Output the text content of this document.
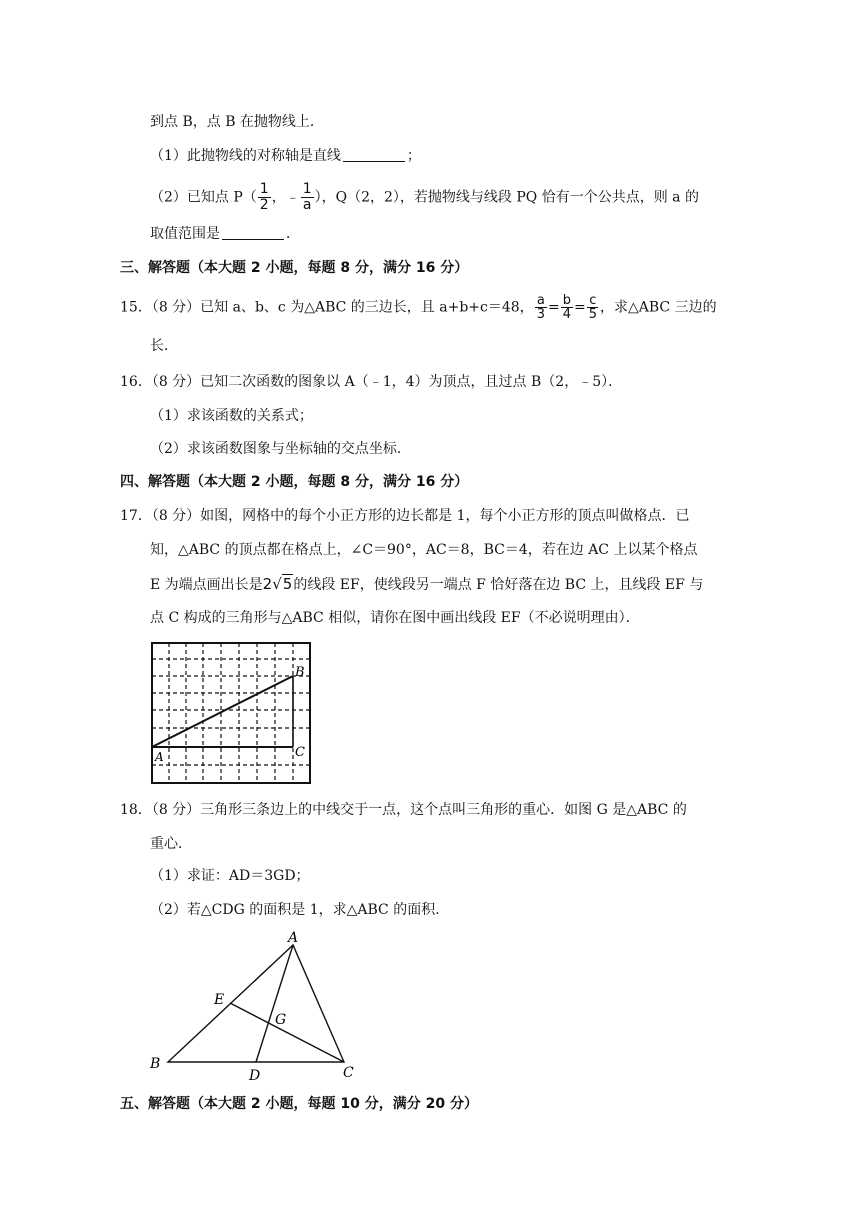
到点 B，点 B 在抛物线上．
（1）此抛物线的对称轴是直线	；
（2）已知点 $P( \frac{1}{2}$ ，﹣ $\frac{1}{a}$ ），Q（2，2），若抛物线与线段 PQ 恰有一个公共点，则 a 的
取值范围是	．
三、解答题（本大题 2 小题，每题 8 分，满分 16 分）
15．（8 分）已知 a、b、c 为△ABC 的三边长，且 a+b+c＝48， $\frac{a}{3} = \frac{b}{4} = \frac{c}{5}$ ，求△ABC 三边的
长．
16．（8 分）已知二次函数的图象以 A（﹣1，4）为顶点，且过点 B（2，﹣5）．
（1）求该函数的关系式；
（2）求该函数图象与坐标轴的交点坐标．
四、解答题（本大题 2 小题，每题 8 分，满分 16 分）
17．（8 分）如图，网格中的每个小正方形的边长都是 1，每个小正方形的顶点叫做格点．已
知，△ABC 的顶点都在格点上，∠C＝90°，AC＝8，BC＝4，若在边 AC 上以某个格点
E 为端点画出长是2√5的线段 EF，使线段另一端点 F 恰好落在边 BC 上，且线段 EF 与
点 C 构成的三角形与△ABC 相似，请你在图中画出线段 EF（不必说明理由）．
B
C
A
18．（8 分）三角形三条边上的中线交于一点，这个点叫三角形的重心．如图 G 是△ABC 的
重心．
（1）求证：AD＝3GD；
（2）若△CDG 的面积是 1，求△ABC 的面积．
A
E
G
B
C
D
五、解答题（本大题 2 小题，每题 10 分，满分 20 分）
